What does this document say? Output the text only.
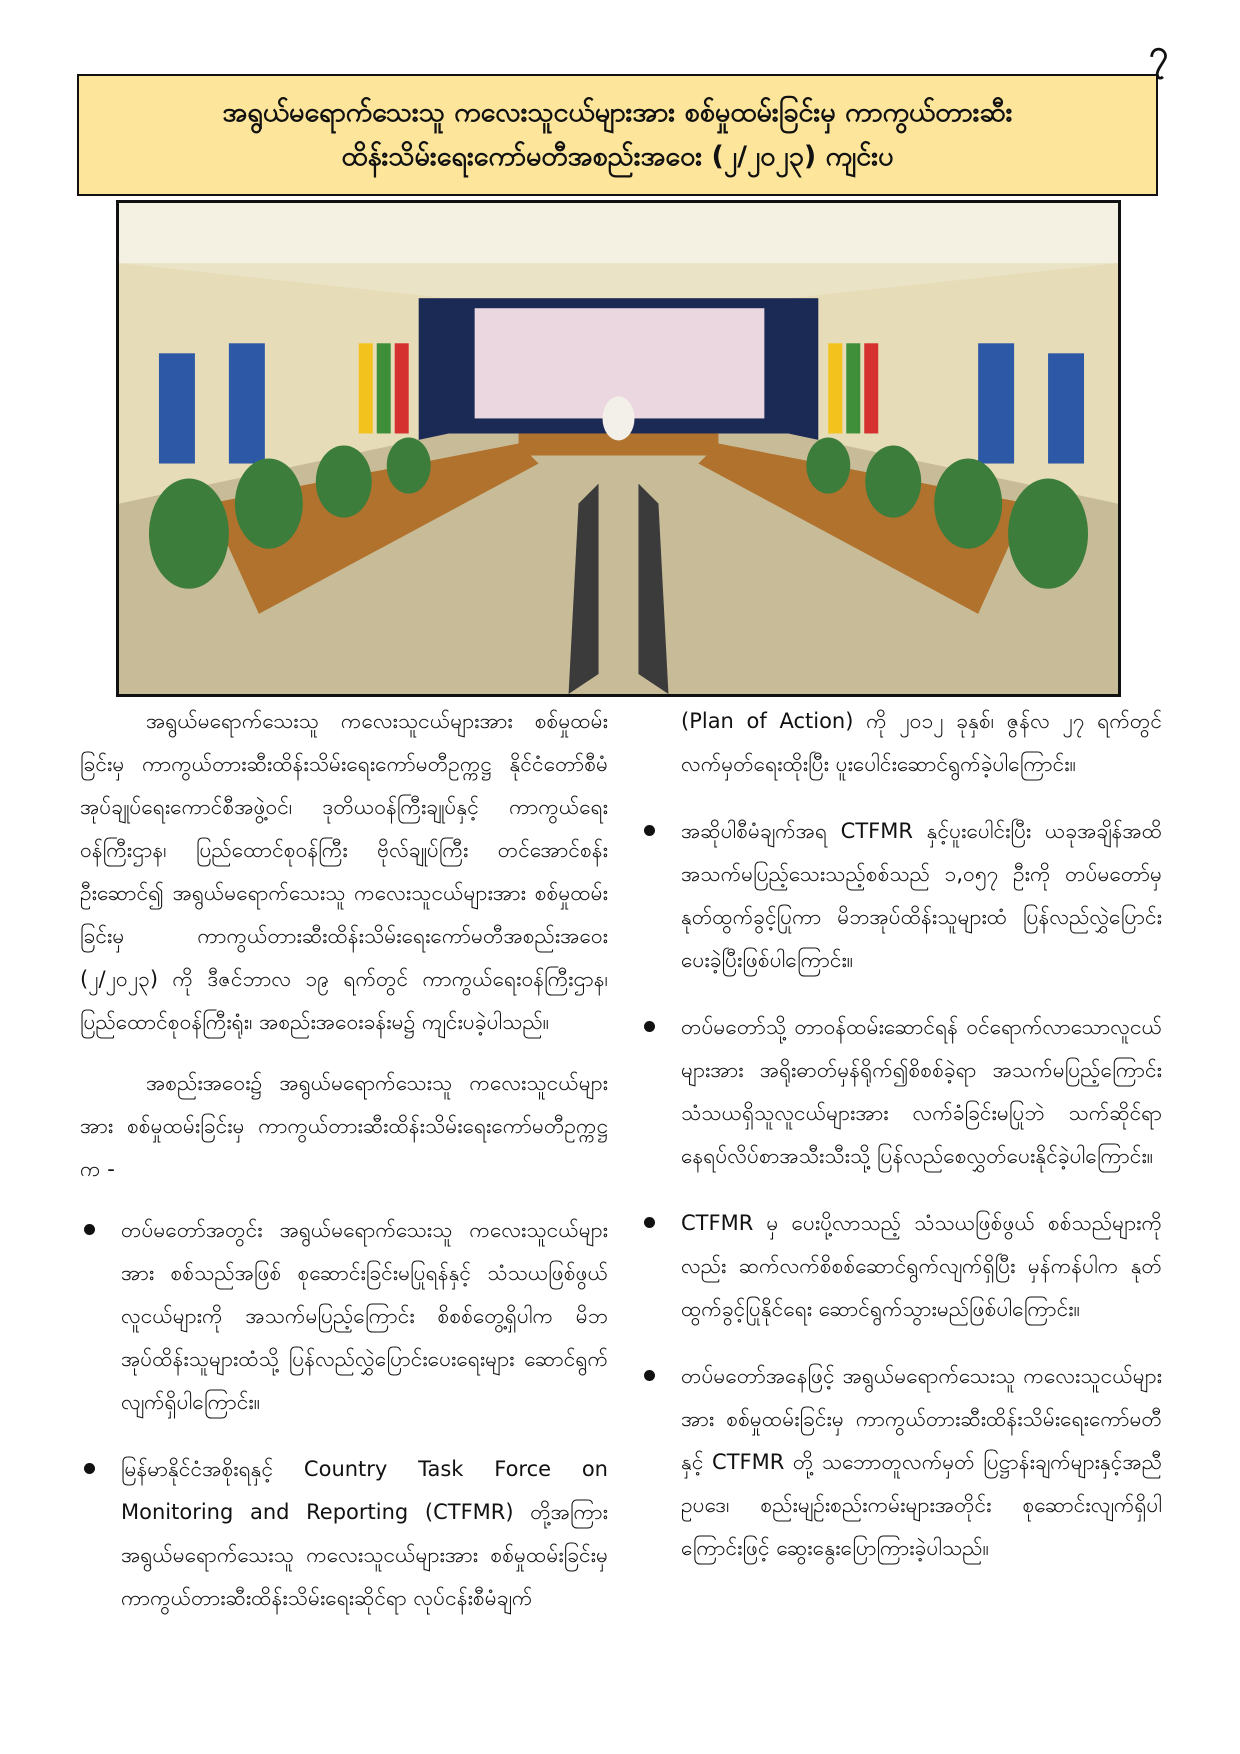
၇
အရွယ်မရောက်သေးသူ ကလေးသူငယ်များအား စစ်မှုထမ်းခြင်းမှ ကာကွယ်တားဆီး
ထိန်းသိမ်းရေးကော်မတီအစည်းအဝေး (၂/၂၀၂၃) ကျင်းပ

အရွယ်မရောက်သေးသူ ကလေးသူငယ်များအား စစ်မှုထမ်းခြင်းမှ ကာကွယ်တားဆီးထိန်းသိမ်းရေးကော်မတီဥက္ကဋ္ဌ နိုင်ငံတော်စီမံအုပ်ချုပ်ရေးကောင်စီအဖွဲ့ဝင်၊ ဒုတိယဝန်ကြီးချုပ်နှင့် ကာကွယ်ရေးဝန်ကြီးဌာန၊ ပြည်ထောင်စုဝန်ကြီး ဗိုလ်ချုပ်ကြီး တင်အောင်စန်း ဦးဆောင်၍ အရွယ်မရောက်သေးသူ ကလေးသူငယ်များအား စစ်မှုထမ်းခြင်းမှ ကာကွယ်တားဆီးထိန်းသိမ်းရေးကော်မတီအစည်းအဝေး (၂/၂၀၂၃) ကို ဒီဇင်ဘာလ ၁၉ ရက်တွင် ကာကွယ်ရေးဝန်ကြီးဌာန၊ ပြည်ထောင်စုဝန်ကြီးရုံး၊ အစည်းအဝေးခန်းမ၌ ကျင်းပခဲ့ပါသည်။

အစည်းအဝေး၌ အရွယ်မရောက်သေးသူ ကလေးသူငယ်များအား စစ်မှုထမ်းခြင်းမှ ကာကွယ်တားဆီးထိန်းသိမ်းရေးကော်မတီဥက္ကဋ္ဌက -

တပ်မတော်အတွင်း အရွယ်မရောက်သေးသူ ကလေးသူငယ်များအား စစ်သည်အဖြစ် စုဆောင်းခြင်းမပြုရန်နှင့် သံသယဖြစ်ဖွယ်လူငယ်များကို အသက်မပြည့်ကြောင်း စိစစ်တွေ့ရှိပါက မိဘအုပ်ထိန်းသူများထံသို့ ပြန်လည်လွှဲပြောင်းပေးရေးများ ဆောင်ရွက်လျက်ရှိပါကြောင်း။
မြန်မာနိုင်ငံအစိုးရနှင့် Country Task Force on Monitoring and Reporting (CTFMR) တို့အကြား အရွယ်မရောက်သေးသူ ကလေးသူငယ်များအား စစ်မှုထမ်းခြင်းမှ ကာကွယ်တားဆီးထိန်းသိမ်းရေးဆိုင်ရာ လုပ်ငန်းစီမံချက်

(Plan of Action) ကို ၂၀၁၂ ခုနှစ်၊ ဇွန်လ ၂၇ ရက်တွင် လက်မှတ်ရေးထိုးပြီး ပူးပေါင်းဆောင်ရွက်ခဲ့ပါကြောင်း။

အဆိုပါစီမံချက်အရ CTFMR နှင့်ပူးပေါင်းပြီး ယခုအချိန်အထိ အသက်မပြည့်သေးသည့်စစ်သည် ၁,၀၅၇ ဦးကို တပ်မတော်မှ နုတ်ထွက်ခွင့်ပြုကာ မိဘအုပ်ထိန်းသူများထံ ပြန်လည်လွှဲပြောင်းပေးခဲ့ပြီးဖြစ်ပါကြောင်း။
တပ်မတော်သို့ တာဝန်ထမ်းဆောင်ရန် ဝင်ရောက်လာသောလူငယ်များအား အရိုးဓာတ်မှန်ရိုက်၍စိစစ်ခဲ့ရာ အသက်မပြည့်ကြောင်း သံသယရှိသူလူငယ်များအား လက်ခံခြင်းမပြုဘဲ သက်ဆိုင်ရာနေရပ်လိပ်စာအသီးသီးသို့ ပြန်လည်စေလွှတ်ပေးနိုင်ခဲ့ပါကြောင်း။
CTFMR မှ ပေးပို့လာသည့် သံသယဖြစ်ဖွယ် စစ်သည်များကိုလည်း ဆက်လက်စိစစ်ဆောင်ရွက်လျက်ရှိပြီး မှန်ကန်ပါက နုတ်ထွက်ခွင့်ပြုနိုင်ရေး ဆောင်ရွက်သွားမည်ဖြစ်ပါကြောင်း။
တပ်မတော်အနေဖြင့် အရွယ်မရောက်သေးသူ ကလေးသူငယ်များအား စစ်မှုထမ်းခြင်းမှ ကာကွယ်တားဆီးထိန်းသိမ်းရေးကော်မတီနှင့် CTFMR တို့ သဘောတူလက်မှတ် ပြဋ္ဌာန်းချက်များနှင့်အညီ ဥပဒေ၊ စည်းမျဉ်းစည်းကမ်းများအတိုင်း စုဆောင်းလျက်ရှိပါကြောင်းဖြင့် ဆွေးနွေးပြောကြားခဲ့ပါသည်။
